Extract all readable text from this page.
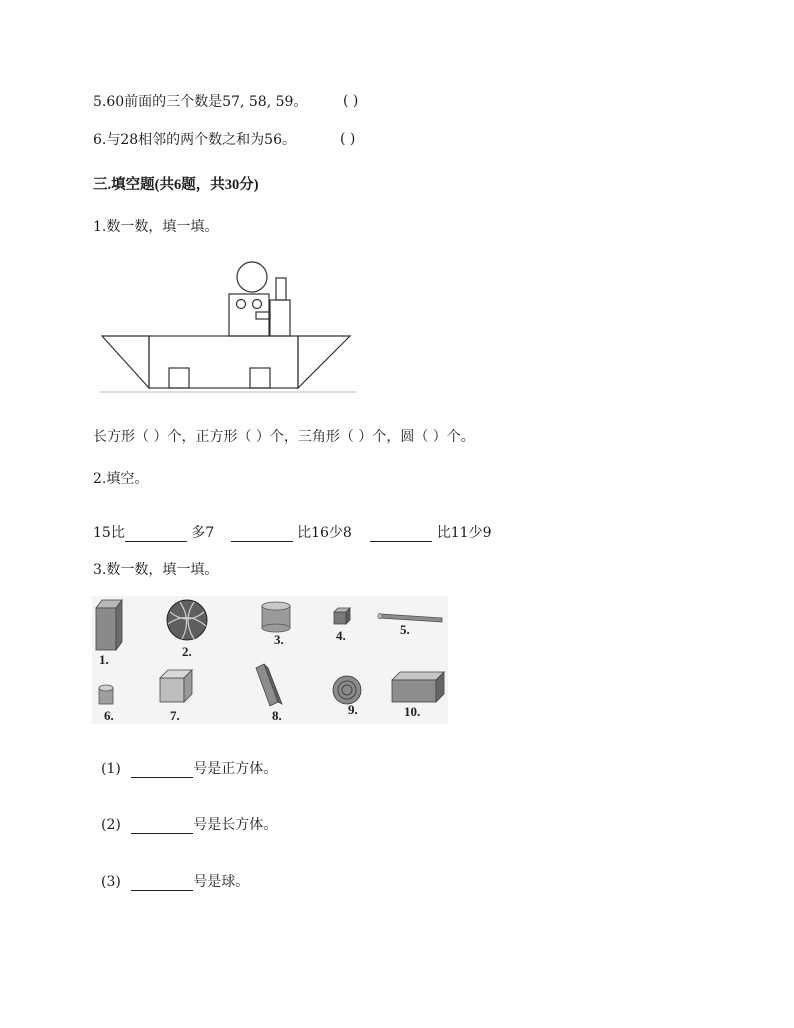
5.60前面的三个数是57, 58, 59。	( )
6.与28相邻的两个数之和为56。	( )
三.填空题(共6题，共30分)
1.数一数，填一填。
长方形（ ）个，正方形（ ）个，三角形（ ）个，圆（ ）个。
2.填空。
15比	多7	比16少8	比11少9
3.数一数，填一填。
1.
2.
3.	4.	5.
6.	7.	8.	9.	10.
(1)	号是正方体。
(2)	号是长方体。
(3)	号是球。
